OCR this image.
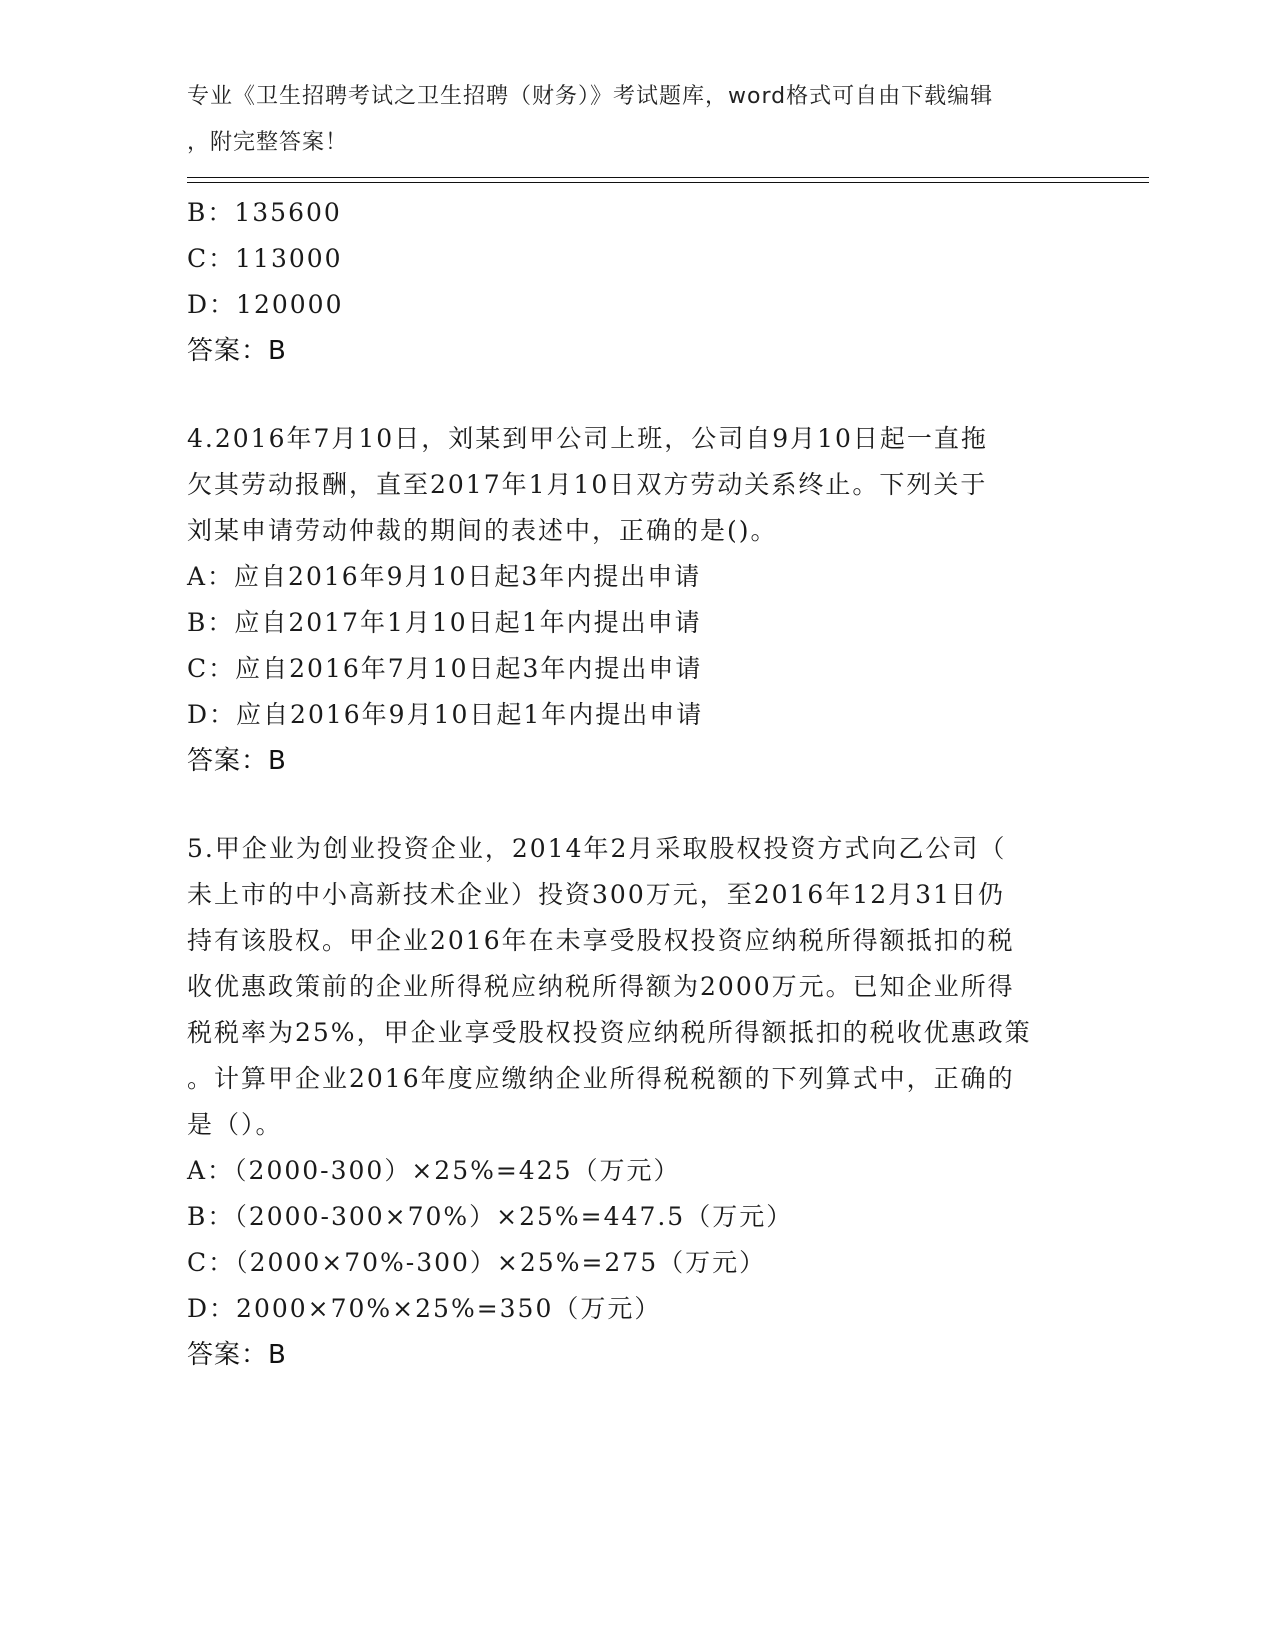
专业《卫生招聘考试之卫生招聘（财务）》考试题库，word格式可自由下载编辑
，附完整答案！
B：135600
C：113000
D：120000
答案：B
4.2016年7月10日，刘某到甲公司上班，公司自9月10日起一直拖
欠其劳动报酬，直至2017年1月10日双方劳动关系终止。下列关于
刘某申请劳动仲裁的期间的表述中，正确的是()。
A：应自2016年9月10日起3年内提出申请
B：应自2017年1月10日起1年内提出申请
C：应自2016年7月10日起3年内提出申请
D：应自2016年9月10日起1年内提出申请
答案：B
5.甲企业为创业投资企业，2014年2月采取股权投资方式向乙公司（
未上市的中小高新技术企业）投资300万元，至2016年12月31日仍
持有该股权。甲企业2016年在未享受股权投资应纳税所得额抵扣的税
收优惠政策前的企业所得税应纳税所得额为2000万元。已知企业所得
税税率为25%，甲企业享受股权投资应纳税所得额抵扣的税收优惠政策
。计算甲企业2016年度应缴纳企业所得税税额的下列算式中，正确的
是（）。
A：（2000-300）×25%=425（万元）
B：（2000-300×70%）×25%=447.5（万元）
C：（2000×70%-300）×25%=275（万元）
D：2000×70%×25%=350（万元）
答案：B
